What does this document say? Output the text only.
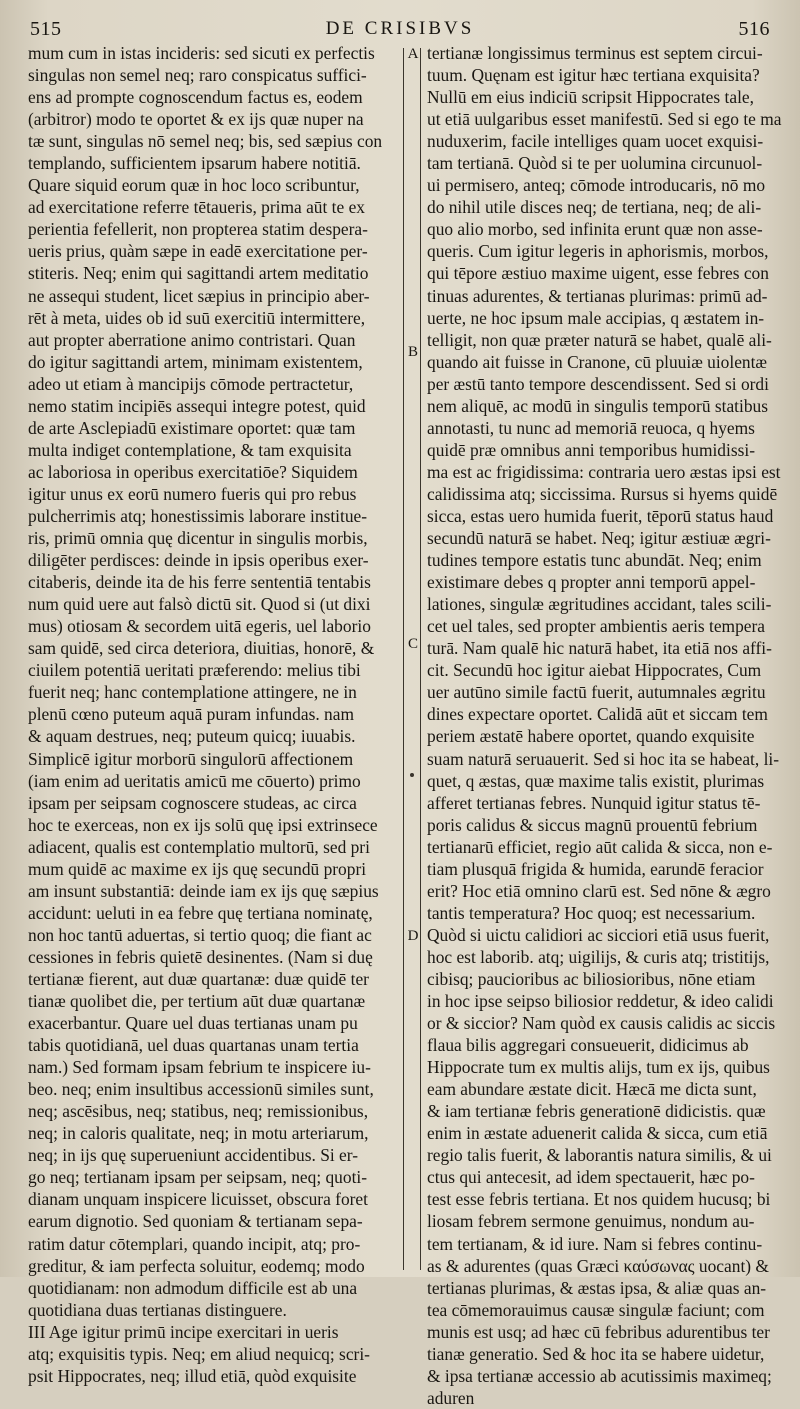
515	DE CRISIBVS	516
mum cum in istas incideris: sed sicuti ex perfectis
singulas non semel neq; raro conspicatus suffici-
ens ad prompte cognoscendum factus es, eodem
(arbitror) modo te oportet & ex ijs quæ nuper na
tæ sunt, singulas nō semel neq; bis, sed sæpius con
templando, sufficientem ipsarum habere notitiā.
Quare siquid eorum quæ in hoc loco scribuntur,
ad exercitatione referre tētaueris, prima aūt te ex
perientia fefellerit, non propterea statim despera-
ueris prius, quàm sæpe in eadē exercitatione per-
stiteris. Neq; enim qui sagittandi artem meditatio
ne assequi student, licet sæpius in principio aber-
rēt à meta, uides ob id suū exercitiū intermittere,
aut propter aberratione animo contristari. Quan
do igitur sagittandi artem, minimam existentem,
adeo ut etiam à mancipijs cōmode pertractetur,
nemo statim incipiēs assequi integre potest, quid
de arte Asclepiadū existimare oportet: quæ tam
multa indiget contemplatione, & tam exquisita
ac laboriosa in operibus exercitatiōe? Siquidem
igitur unus ex eorū numero fueris qui pro rebus
pulcherrimis atq; honestissimis laborare institue-
ris, primū omnia quę dicentur in singulis morbis,
diligēter perdisces: deinde in ipsis operibus exer-
citaberis, deinde ita de his ferre sententiā tentabis
num quid uere aut falsò dictū sit. Quod si (ut dixi
mus) otiosam & secordem uitā egeris, uel laborio
sam quidē, sed circa deteriora, diuitias, honorē, &
ciuilem potentiā ueritati præferendo: melius tibi
fuerit neq; hanc contemplatione attingere, ne in
plenū cœno puteum aquā puram infundas. nam
& aquam destrues, neq; puteum quicq; iuuabis.
Simplicē igitur morborū singulorū affectionem
(iam enim ad ueritatis amicū me cōuerto) primo
ipsam per seipsam cognoscere studeas, ac circa
hoc te exerceas, non ex ijs solū quę ipsi extrinsece
adiacent, qualis est contemplatio multorū, sed pri
mum quidē ac maxime ex ijs quę secundū propri
am insunt substantiā: deinde iam ex ijs quę sæpius
accidunt: ueluti in ea febre quę tertiana nominatę,
non hoc tantū aduertas, si tertio quoq; die fiant ac
cessiones in febris quietē desinentes. (Nam si duę
tertianæ fierent, aut duæ quartanæ: duæ quidē ter
tianæ quolibet die, per tertium aūt duæ quartanæ
exacerbantur. Quare uel duas tertianas unam pu
tabis quotidianā, uel duas quartanas unam tertia
nam.) Sed formam ipsam febrium te inspicere iu-
beo. neq; enim insultibus accessionū similes sunt,
neq; ascēsibus, neq; statibus, neq; remissionibus,
neq; in caloris qualitate, neq; in motu arteriarum,
neq; in ijs quę superueniunt accidentibus. Si er-
go neq; tertianam ipsam per seipsam, neq; quoti-
dianam unquam inspicere licuisset, obscura foret
earum dignotio. Sed quoniam & tertianam sepa-
ratim datur cōtemplari, quando incipit, atq; pro-
greditur, & iam perfecta soluitur, eodemq; modo
quotidianam: non admodum difficile est ab una
quotidiana duas tertianas distinguere.
III Age igitur primū incipe exercitari in ueris
atq; exquisitis typis. Neq; em aliud nequicq; scri-
psit Hippocrates, neq; illud etiā, quòd exquisite
A
B
C
D
tertianæ longissimus terminus est septem circui-
tuum. Quęnam est igitur hæc tertiana exquisita?
Nullū em eius indiciū scripsit Hippocrates tale,
ut etiā uulgaribus esset manifestū. Sed si ego te ma
nuduxerim, facile intelliges quam uocet exquisi-
tam tertianā. Quòd si te per uolumina circunuol-
ui permisero, anteq; cōmode introducaris, nō mo
do nihil utile disces neq; de tertiana, neq; de ali-
quo alio morbo, sed infinita erunt quæ non asse-
queris. Cum igitur legeris in aphorismis, morbos,
qui tēpore æstiuo maxime uigent, esse febres con
tinuas adurentes, & tertianas plurimas: primū ad-
uerte, ne hoc ipsum male accipias, q æstatem in-
telligit, non quæ præter naturā se habet, qualē ali-
quando ait fuisse in Cranone, cū pluuiæ uiolentæ
per æstū tanto tempore descendissent. Sed si ordi
nem aliquē, ac modū in singulis temporū statibus
annotasti, tu nunc ad memoriā reuoca, q hyems
quidē præ omnibus anni temporibus humidissi-
ma est ac frigidissima: contraria uero æstas ipsi est
calidissima atq; siccissima. Rursus si hyems quidē
sicca, estas uero humida fuerit, tēporū status haud
secundū naturā se habet. Neq; igitur æstiuæ ægri-
tudines tempore estatis tunc abundāt. Neq; enim
existimare debes q propter anni temporū appel-
lationes, singulæ ægritudines accidant, tales scili-
cet uel tales, sed propter ambientis aeris tempera
turā. Nam qualē hic naturā habet, ita etiā nos affi-
cit. Secundū hoc igitur aiebat Hippocrates, Cum
uer autūno simile factū fuerit, autumnales ægritu
dines expectare oportet. Calidā aūt et siccam tem
periem æstatē habere oportet, quando exquisite
suam naturā seruauerit. Sed si hoc ita se habeat, li-
quet, q æstas, quæ maxime talis existit, plurimas
afferet tertianas febres. Nunquid igitur status tē-
poris calidus & siccus magnū prouentū febrium
tertianarū efficiet, regio aūt calida & sicca, non e-
tiam plusquā frigida & humida, earundē feracior
erit? Hoc etiā omnino clarū est. Sed nōne & ægro
tantis temperatura? Hoc quoq; est necessarium.
Quòd si uictu calidiori ac sicciori etiā usus fuerit,
hoc est laborib. atq; uigilijs, & curis atq; tristitijs,
cibisq; paucioribus ac biliosioribus, nōne etiam
in hoc ipse seipso biliosior reddetur, & ideo calidi
or & siccior? Nam quòd ex causis calidis ac siccis
flaua bilis aggregari consueuerit, didicimus ab
Hippocrate tum ex multis alijs, tum ex ijs, quibus
eam abundare æstate dicit. Hæcā me dicta sunt,
& iam tertianæ febris generationē didicistis. quæ
enim in æstate aduenerit calida & sicca, cum etiā
regio talis fuerit, & laborantis natura similis, & ui
ctus qui antecesit, ad idem spectauerit, hæc po-
test esse febris tertiana. Et nos quidem hucusq; bi
liosam febrem sermone genuimus, nondum au-
tem tertianam, & id iure. Nam si febres continu-
as & adurentes (quas Græci καύσωνας uocant) &
tertianas plurimas, & æstas ipsa, & aliæ quas an-
tea cōmemorauimus causæ singulæ faciunt; com
munis est usq; ad hæc cū febribus adurentibus ter
tianæ generatio. Sed & hoc ita se habere uidetur,
& ipsa tertianæ accessio ab acutissimis maximeq;
aduren
